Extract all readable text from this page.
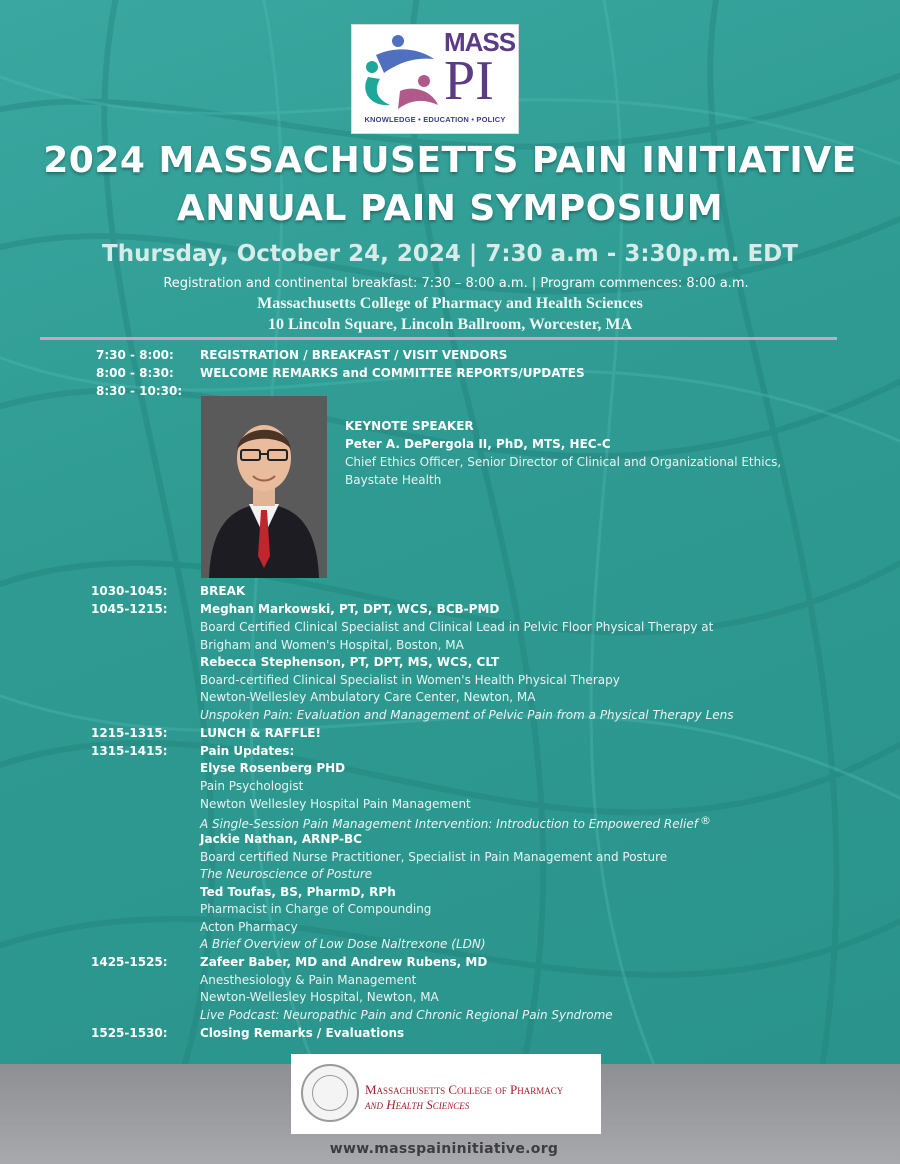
MASS
PI
KNOWLEDGE • EDUCATION • POLICY
2024 MASSACHUSETTS PAIN INITIATIVE
ANNUAL PAIN SYMPOSIUM
Thursday, October 24, 2024 | 7:30 a.m - 3:30p.m. EDT
Registration and continental breakfast: 7:30 – 8:00 a.m. | Program commences: 8:00 a.m.
Massachusetts College of Pharmacy and Health Sciences
10 Lincoln Square, Lincoln Ballroom, Worcester, MA
7:30 - 8:00: REGISTRATION / BREAKFAST / VISIT VENDORS
8:00 - 8:30: WELCOME REMARKS and COMMITTEE REPORTS/UPDATES
8:30 - 10:30:
KEYNOTE SPEAKER
Peter A. DePergola II, PhD, MTS, HEC-C
Chief Ethics Officer, Senior Director of Clinical and Organizational Ethics,
Baystate Health
1030-1045:	BREAK
1045-1215:	Meghan Markowski, PT, DPT, WCS, BCB-PMD
Board Certified Clinical Specialist and Clinical Lead in Pelvic Floor Physical Therapy at
Brigham and Women's Hospital, Boston, MA
Rebecca Stephenson, PT, DPT, MS, WCS, CLT
Board-certified Clinical Specialist in Women's Health Physical Therapy
Newton-Wellesley Ambulatory Care Center, Newton, MA
Unspoken Pain: Evaluation and Management of Pelvic Pain from a Physical Therapy Lens
1215-1315:	LUNCH & RAFFLE!
1315-1415:	Pain Updates:
Elyse Rosenberg PHD
Pain Psychologist
Newton Wellesley Hospital Pain Management
A Single-Session Pain Management Intervention: Introduction to Empowered Relief ®
Jackie Nathan, ARNP-BC
Board certified Nurse Practitioner, Specialist in Pain Management and Posture
The Neuroscience of Posture
Ted Toufas, BS, PharmD, RPh
Pharmacist in Charge of Compounding
Acton Pharmacy
A Brief Overview of Low Dose Naltrexone (LDN)
1425-1525:	Zafeer Baber, MD and Andrew Rubens, MD
Anesthesiology & Pain Management
Newton-Wellesley Hospital, Newton, MA
Live Podcast: Neuropathic Pain and Chronic Regional Pain Syndrome
1525-1530:	Closing Remarks / Evaluations
Massachusetts College of Pharmacy
and Health Sciences
www.masspaininitiative.org
